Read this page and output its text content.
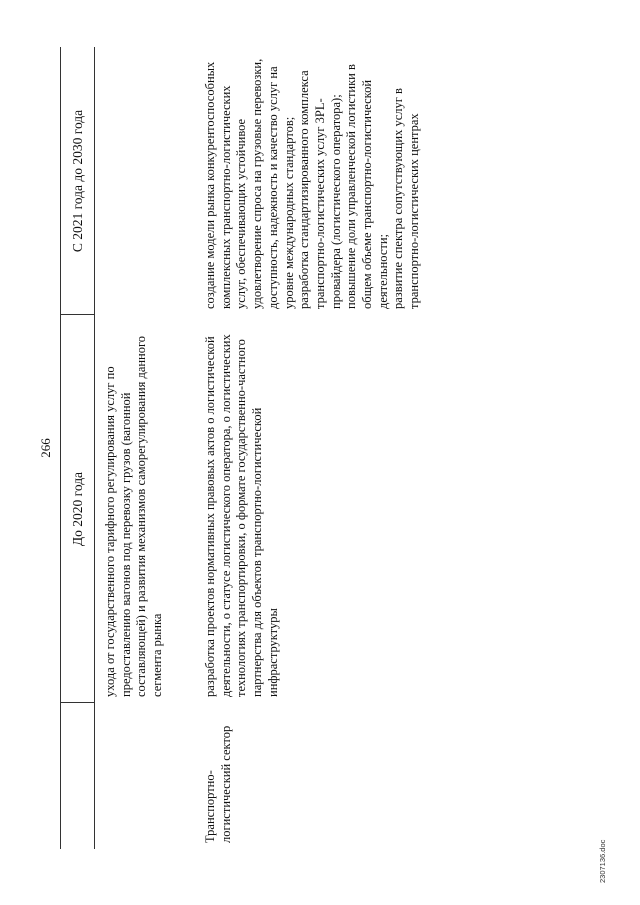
266
До 2020 года
С 2021 года до 2030 года
ухода от государственного тарифного регулирования услуг по предоставлению вагонов под перевозку грузов (вагонной составляющей) и развития механизмов саморегулирования данного сегмента рынка
Транспортно-логистический сектор
разработка проектов нормативных правовых актов о логистической деятельности, о статусе логистического оператора, о логистических технологиях транспортировки, о формате государственно-частного партнерства для объектов транспортно-логистической инфраструктуры

создание модели рынка конкурентоспособных комплексных транспортно-логистических услуг, обеспечивающих устойчивое удовлетворение спроса на грузовые перевозки, доступность, надежность и качество услуг на уровне международных стандартов; разработка стандартизированного комплекса транспортно-логистических услуг 3PL-провайдера (логистического оператора); повышение доли управленческой логистики в общем объеме транспортно-логистической деятельности; развитие спектра сопутствующих услуг в транспортно-логистических центрах

2307136.doc
